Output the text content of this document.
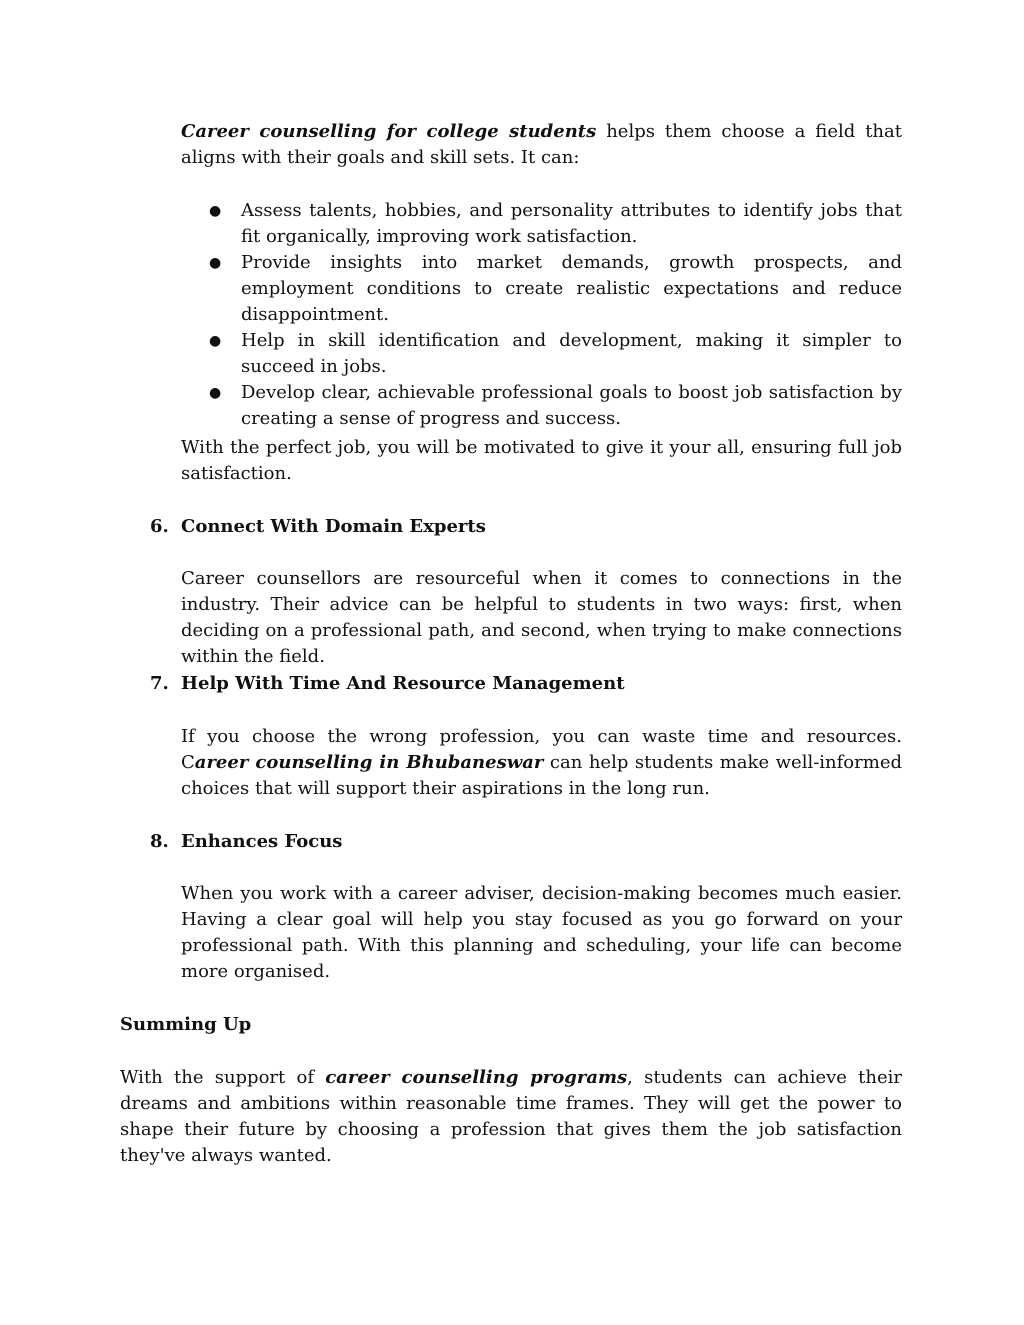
Career counselling for college students helps them choose a field that aligns with their goals and skill sets. It can:

● Assess talents, hobbies, and personality attributes to identify jobs that fit organically, improving work satisfaction.
● Provide insights into market demands, growth prospects, and employment conditions to create realistic expectations and reduce disappointment.
● Help in skill identification and development, making it simpler to succeed in jobs.
● Develop clear, achievable professional goals to boost job satisfaction by creating a sense of progress and success.

With the perfect job, you will be motivated to give it your all, ensuring full job satisfaction.

6. Connect With Domain Experts

Career counsellors are resourceful when it comes to connections in the industry. Their advice can be helpful to students in two ways: first, when deciding on a professional path, and second, when trying to make connections within the field.

7. Help With Time And Resource Management

If you choose the wrong profession, you can waste time and resources. Career counselling in Bhubaneswar can help students make well-informed choices that will support their aspirations in the long run.

8. Enhances Focus

When you work with a career adviser, decision-making becomes much easier. Having a clear goal will help you stay focused as you go forward on your professional path. With this planning and scheduling, your life can become more organised.

Summing Up

With the support of career counselling programs, students can achieve their dreams and ambitions within reasonable time frames. They will get the power to shape their future by choosing a profession that gives them the job satisfaction they've always wanted.
